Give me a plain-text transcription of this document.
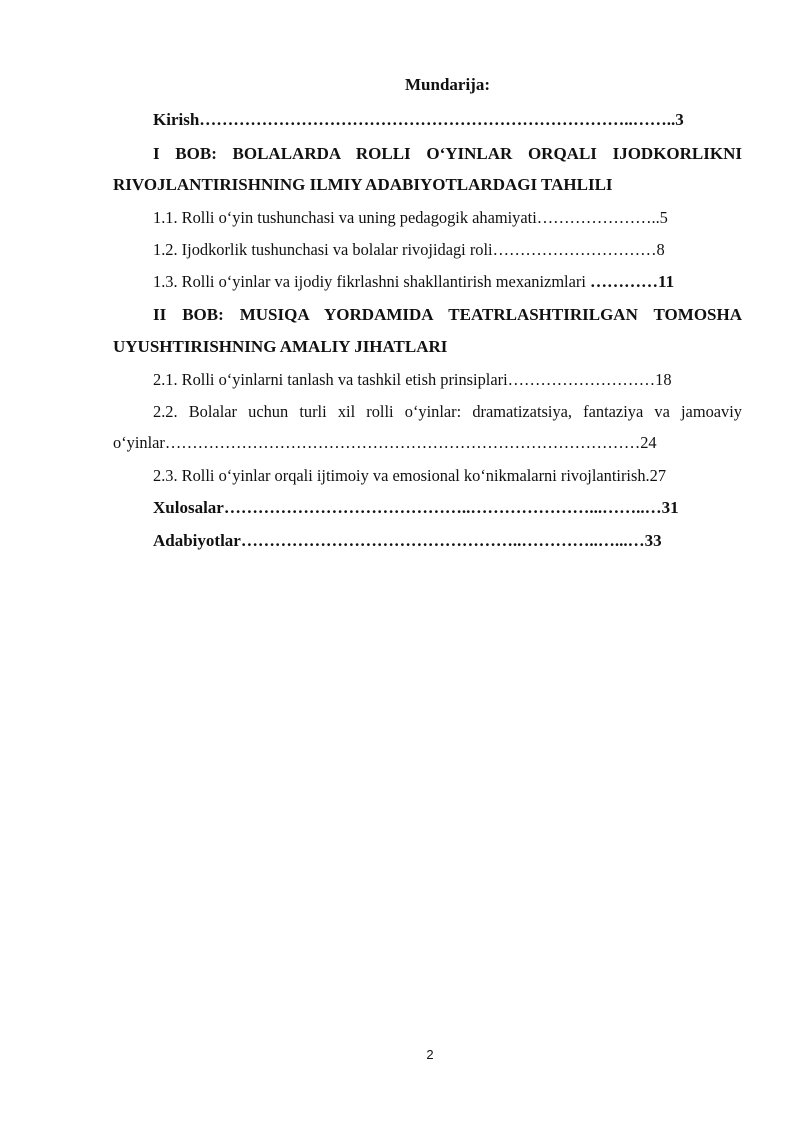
Mundarija:
Kirish…………………………………………………………………..……..3
I BOB: BOLALARDA ROLLI O‘YINLAR ORQALI IJODKORLIKNI
RIVOJLANTIRISHNING ILMIY ADABIYOTLARDAGI TAHLILI
1.1. Rolli o‘yin tushunchasi va uning pedagogik ahamiyati…………………..5
1.2. Ijodkorlik tushunchasi va bolalar rivojidagi roli…………………………8
1.3. Rolli o‘yinlar va ijodiy fikrlashni shakllantirish mexanizmlari …………11
II BOB: MUSIQA YORDAMIDA TEATRLASHTIRILGAN TOMOSHA
UYUSHTIRISHNING AMALIY JIHATLARI
2.1. Rolli o‘yinlarni tanlash va tashkil etish prinsiplari………………………18
2.2. Bolalar uchun turli xil rolli o‘yinlar: dramatizatsiya, fantaziya va jamoaviy
o‘yinlar……………………………………………………………………………24
2.3. Rolli o‘yinlar orqali ijtimoiy va emosional ko‘nikmalarni rivojlantirish.27
Xulosalar……………………………………..…………………...……..…31
Adabiyotlar…………………………………………..…………..…...…33
2
